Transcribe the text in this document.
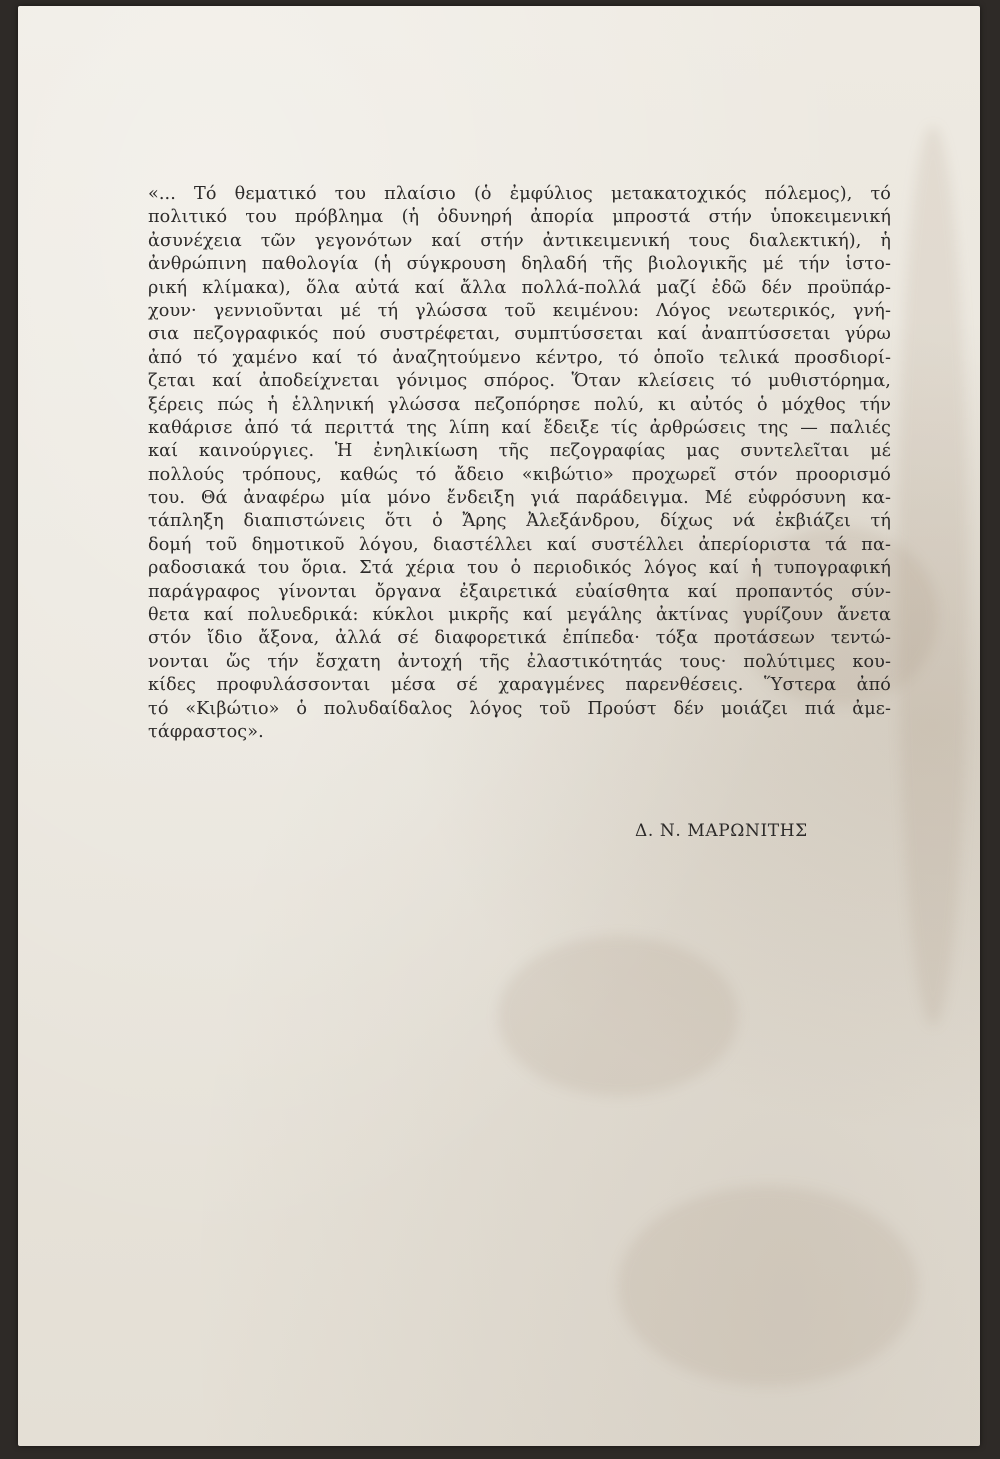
«... Τό θεματικό του πλαίσιο (ὁ ἐμφύλιος μετακατοχικός πόλεμος), τό
πολιτικό του πρόβλημα (ἡ ὀδυνηρή ἀπορία μπροστά στήν ὑποκειμενική
ἀσυνέχεια τῶν γεγονότων καί στήν ἀντικειμενική τους διαλεκτική), ἡ
ἀνθρώπινη παθολογία (ἡ σύγκρουση δηλαδή τῆς βιολογικῆς μέ τήν ἱστο-
ρική κλίμακα), ὅλα αὐτά καί ἄλλα πολλά-πολλά μαζί ἐδῶ δέν προϋπάρ-
χουν· γεννιοῦνται μέ τή γλώσσα τοῦ κειμένου: Λόγος νεωτερικός, γνή-
σια πεζογραφικός πού συστρέφεται, συμπτύσσεται καί ἀναπτύσσεται γύρω
ἀπό τό χαμένο καί τό ἀναζητούμενο κέντρο, τό ὁποῖο τελικά προσδιορί-
ζεται καί ἀποδείχνεται γόνιμος σπόρος. Ὅταν κλείσεις τό μυθιστόρημα,
ξέρεις πώς ἡ ἑλληνική γλώσσα πεζοπόρησε πολύ, κι αὐτός ὁ μόχθος τήν
καθάρισε ἀπό τά περιττά της λίπη καί ἔδειξε τίς ἀρθρώσεις της — παλιές
καί καινούργιες. Ἡ ἐνηλικίωση τῆς πεζογραφίας μας συντελεῖται μέ
πολλούς τρόπους, καθώς τό ἄδειο «κιβώτιο» προχωρεῖ στόν προορισμό
του. Θά ἀναφέρω μία μόνο ἔνδειξη γιά παράδειγμα. Μέ εὐφρόσυνη κα-
τάπληξη διαπιστώνεις ὅτι ὁ Ἄρης Ἀλεξάνδρου, δίχως νά ἐκβιάζει τή
δομή τοῦ δημοτικοῦ λόγου, διαστέλλει καί συστέλλει ἀπερίοριστα τά πα-
ραδοσιακά του ὅρια. Στά χέρια του ὁ περιοδικός λόγος καί ἡ τυπογραφική
παράγραφος γίνονται ὄργανα ἐξαιρετικά εὐαίσθητα καί προπαντός σύν-
θετα καί πολυεδρικά: κύκλοι μικρῆς καί μεγάλης ἀκτίνας γυρίζουν ἄνετα
στόν ἴδιο ἄξονα, ἀλλά σέ διαφορετικά ἐπίπεδα· τόξα προτάσεων τεντώ-
νονται ὥς τήν ἔσχατη ἀντοχή τῆς ἐλαστικότητάς τους· πολύτιμες κου-
κίδες προφυλάσσονται μέσα σέ χαραγμένες παρενθέσεις. Ὕστερα ἀπό
τό «Κιβώτιο» ὁ πολυδαίδαλος λόγος τοῦ Προύστ δέν μοιάζει πιά ἀμε-
τάφραστος».
Δ. Ν. ΜΑΡΩΝΙΤΗΣ
